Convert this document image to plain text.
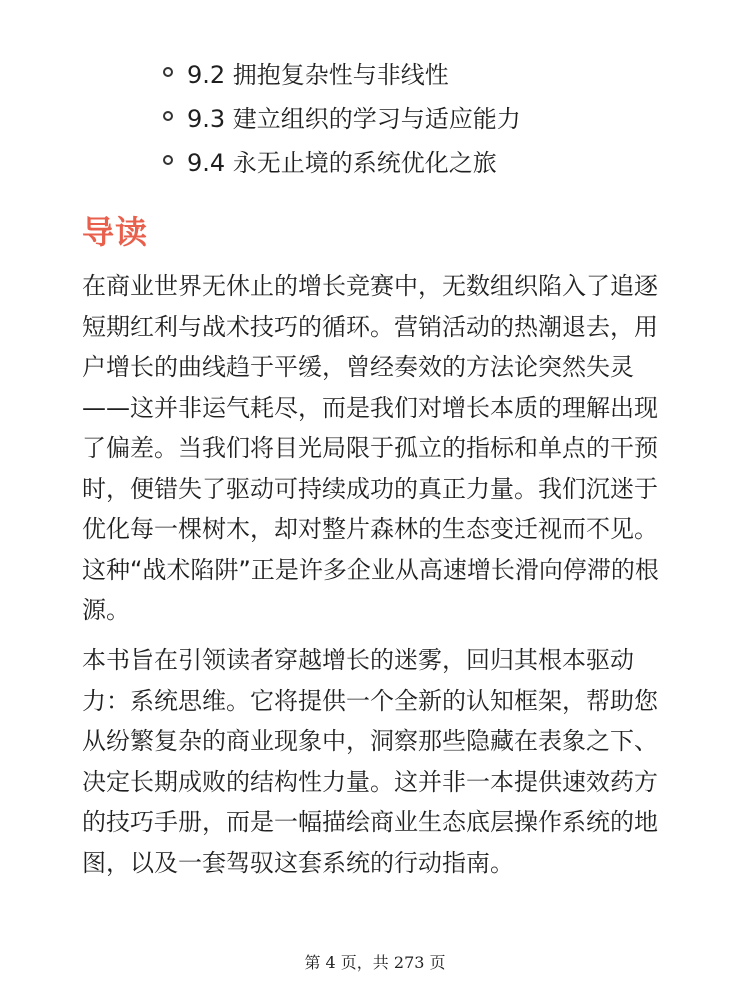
9.2 拥抱复杂性与非线性
9.3 建立组织的学习与适应能力
9.4 永无止境的系统优化之旅
导读

在商业世界无休止的增长竞赛中，无数组织陷入了追逐短期红利与战术技巧的循环。营销活动的热潮退去，用户增长的曲线趋于平缓，曾经奏效的方法论突然失灵——这并非运气耗尽，而是我们对增长本质的理解出现了偏差。当我们将目光局限于孤立的指标和单点的干预时，便错失了驱动可持续成功的真正力量。我们沉迷于优化每一棵树木，却对整片森林的生态变迁视而不见。这种“战术陷阱”正是许多企业从高速增长滑向停滞的根源。

本书旨在引领读者穿越增长的迷雾，回归其根本驱动力：系统思维。它将提供一个全新的认知框架，帮助您从纷繁复杂的商业现象中，洞察那些隐藏在表象之下、决定长期成败的结构性力量。这并非一本提供速效药方的技巧手册，而是一幅描绘商业生态底层操作系统的地图，以及一套驾驭这套系统的行动指南。

第 4 页，共 273 页
